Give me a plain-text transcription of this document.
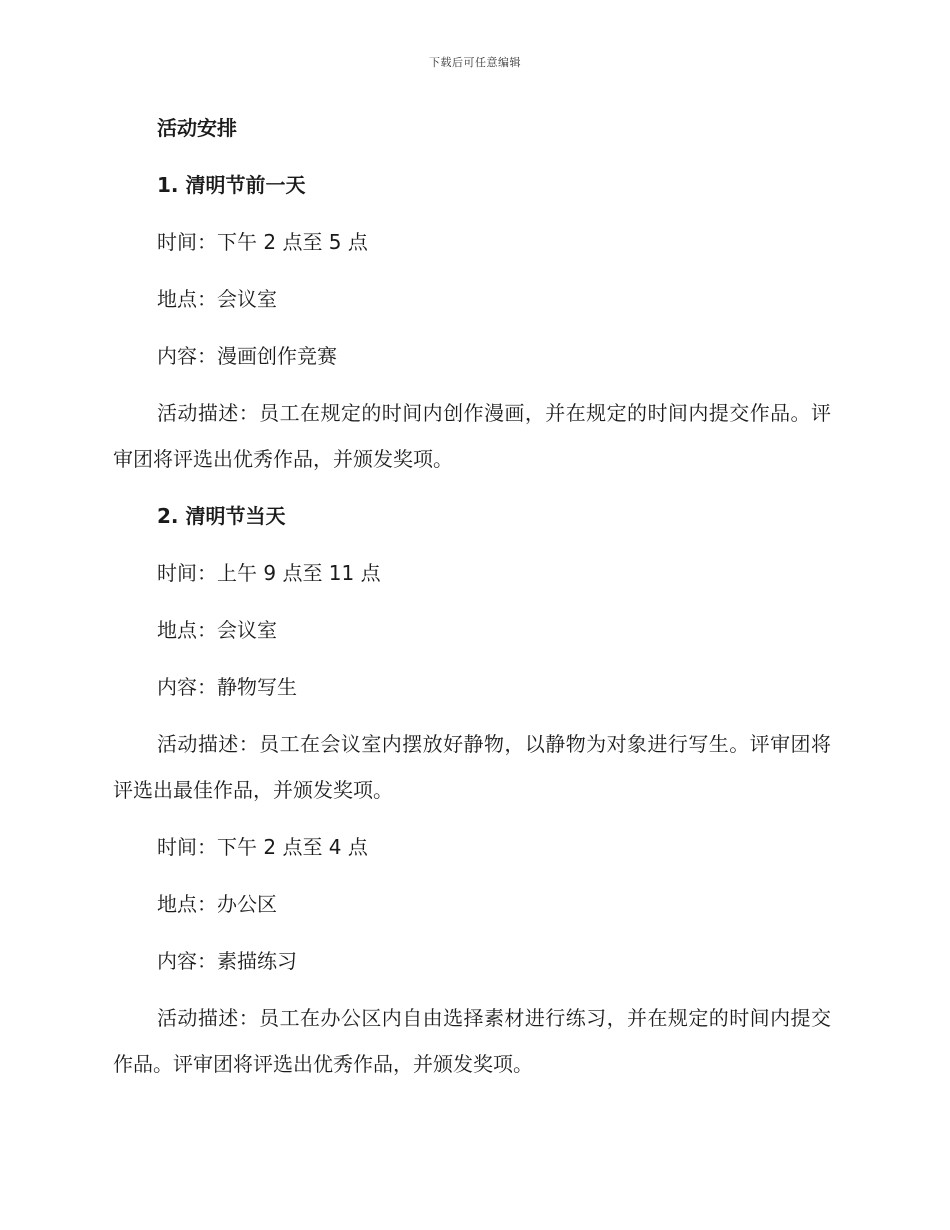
下载后可任意编辑
活动安排
1. 清明节前一天
时间：下午 2 点至 5 点
地点：会议室
内容：漫画创作竞赛
活动描述：员工在规定的时间内创作漫画，并在规定的时间内提交作品。评审团将评选出优秀作品，并颁发奖项。
2. 清明节当天
时间：上午 9 点至 11 点
地点：会议室
内容：静物写生
活动描述：员工在会议室内摆放好静物，以静物为对象进行写生。评审团将评选出最佳作品，并颁发奖项。
时间：下午 2 点至 4 点
地点：办公区
内容：素描练习
活动描述：员工在办公区内自由选择素材进行练习，并在规定的时间内提交作品。评审团将评选出优秀作品，并颁发奖项。
